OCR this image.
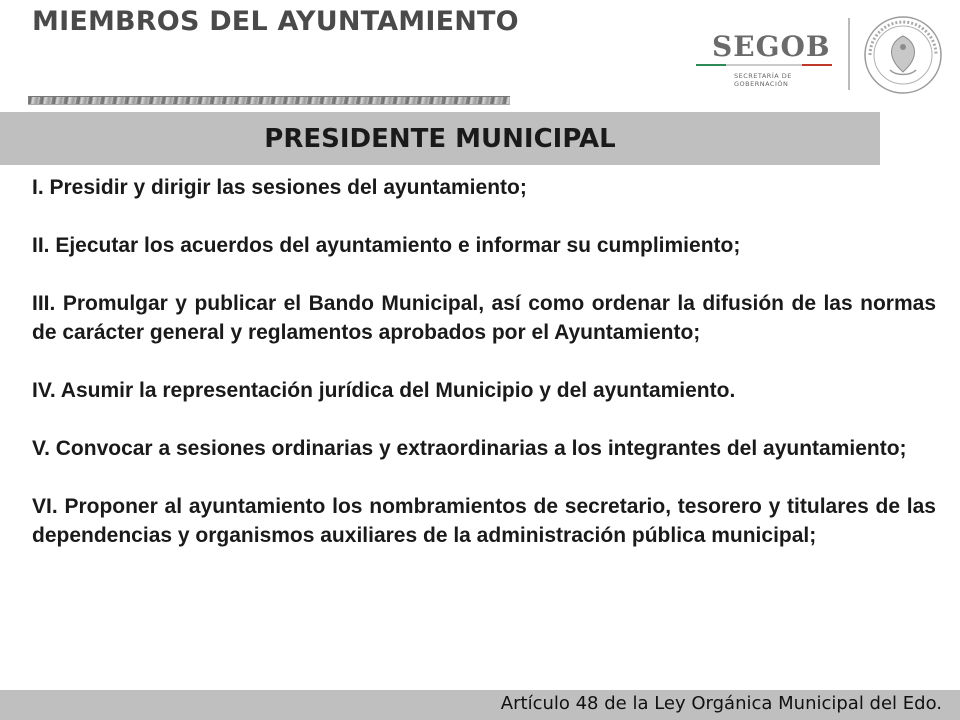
MIEMBROS DEL AYUNTAMIENTO
SEGOB
SECRETARÍA DE GOBERNACIÓN
PRESIDENTE MUNICIPAL

I. Presidir y dirigir las sesiones del ayuntamiento;

II. Ejecutar los acuerdos del ayuntamiento e informar su cumplimiento;

III. Promulgar y publicar el Bando Municipal, así como ordenar la difusión de las normas de carácter general y reglamentos aprobados por el Ayuntamiento;

IV. Asumir la representación jurídica del Municipio y del ayuntamiento.

V. Convocar a sesiones ordinarias y extraordinarias a los integrantes del ayuntamiento;

VI. Proponer al ayuntamiento los nombramientos de secretario, tesorero y titulares de las dependencias y organismos auxiliares de la administración pública municipal;

Artículo 48 de la Ley Orgánica Municipal del Edo.
